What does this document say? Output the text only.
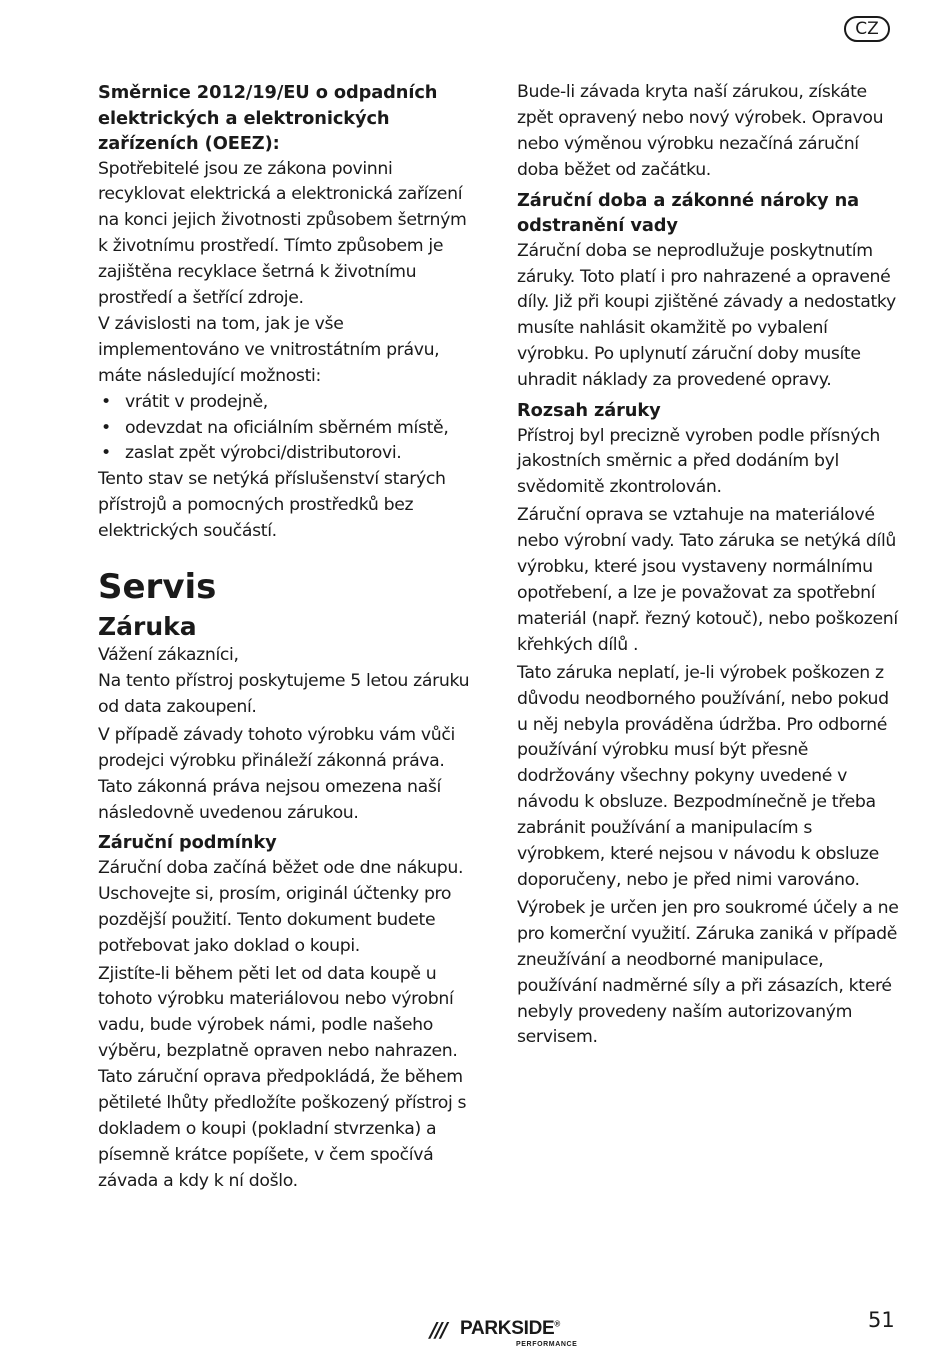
CZ
Směrnice 2012/19/EU o odpadních elektrických a elektronických zařízeních (OEEZ):

Spotřebitelé jsou ze zákona povinni recyklovat elektrická a elektronická zařízení na konci jejich životnosti způsobem šetrným k životnímu prostředí. Tímto způsobem je zajištěna recyklace šetrná k životnímu prostředí a šetřící zdroje.

V závislosti na tom, jak je vše implementováno ve vnitrostátním právu, máte následující možnosti:

• vrátit v prodejně,
• odevzdat na oficiálním sběrném místě,
• zaslat zpět výrobci/distributorovi.

Tento stav se netýká příslušenství starých přístrojů a pomocných prostředků bez elektrických součástí.

Servis
Záruka

Vážení zákazníci,

Na tento přístroj poskytujeme 5 letou záruku od data zakoupení.

V případě závady tohoto výrobku vám vůči prodejci výrobku přináleží zákonná práva. Tato zákonná práva nejsou omezena naší následovně uvedenou zárukou.

Záruční podmínky

Záruční doba začíná běžet ode dne nákupu. Uschovejte si, prosím, originál účtenky pro pozdější použití. Tento dokument budete potřebovat jako doklad o koupi.

Zjistíte-li během pěti let od data koupě u tohoto výrobku materiálovou nebo výrobní vadu, bude výrobek námi, podle našeho výběru, bezplatně opraven nebo nahrazen. Tato záruční oprava předpokládá, že během pětileté lhůty předložíte poškozený přístroj s dokladem o koupi (pokladní stvrzenka) a písemně krátce popíšete, v čem spočívá závada a kdy k ní došlo.

Bude-li závada kryta naší zárukou, získáte zpět opravený nebo nový výrobek. Opravou nebo výměnou výrobku nezačíná záruční doba běžet od začátku.

Záruční doba a zákonné nároky na odstranění vady

Záruční doba se neprodlužuje poskytnutím záruky. Toto platí i pro nahrazené a opravené díly. Již při koupi zjištěné závady a nedostatky musíte nahlásit okamžitě po vybalení výrobku. Po uplynutí záruční doby musíte uhradit náklady za provedené opravy.

Rozsah záruky

Přístroj byl precizně vyroben podle přísných jakostních směrnic a před dodáním byl svědomitě zkontrolován.

Záruční oprava se vztahuje na materiálové nebo výrobní vady. Tato záruka se netýká dílů výrobku, které jsou vystaveny normálnímu opotřebení, a lze je považovat za spotřební materiál (např. řezný kotouč), nebo poškození křehkých dílů .

Tato záruka neplatí, je-li výrobek poškozen z důvodu neodborného používání, nebo pokud u něj nebyla prováděna údržba. Pro odborné používání výrobku musí být přesně dodržovány všechny pokyny uvedené v návodu k obsluze. Bezpodmínečně je třeba zabránit používání a manipulacím s výrobkem, které nejsou v návodu k obsluze doporučeny, nebo je před nimi varováno.

Výrobek je určen jen pro soukromé účely a ne pro komerční využití. Záruka zaniká v případě zneužívání a neodborné manipulace, používání nadměrné síly a při zásazích, které nebyly provedeny naším autorizovaným servisem.

/// PARKSIDE®
PERFORMANCE
51
